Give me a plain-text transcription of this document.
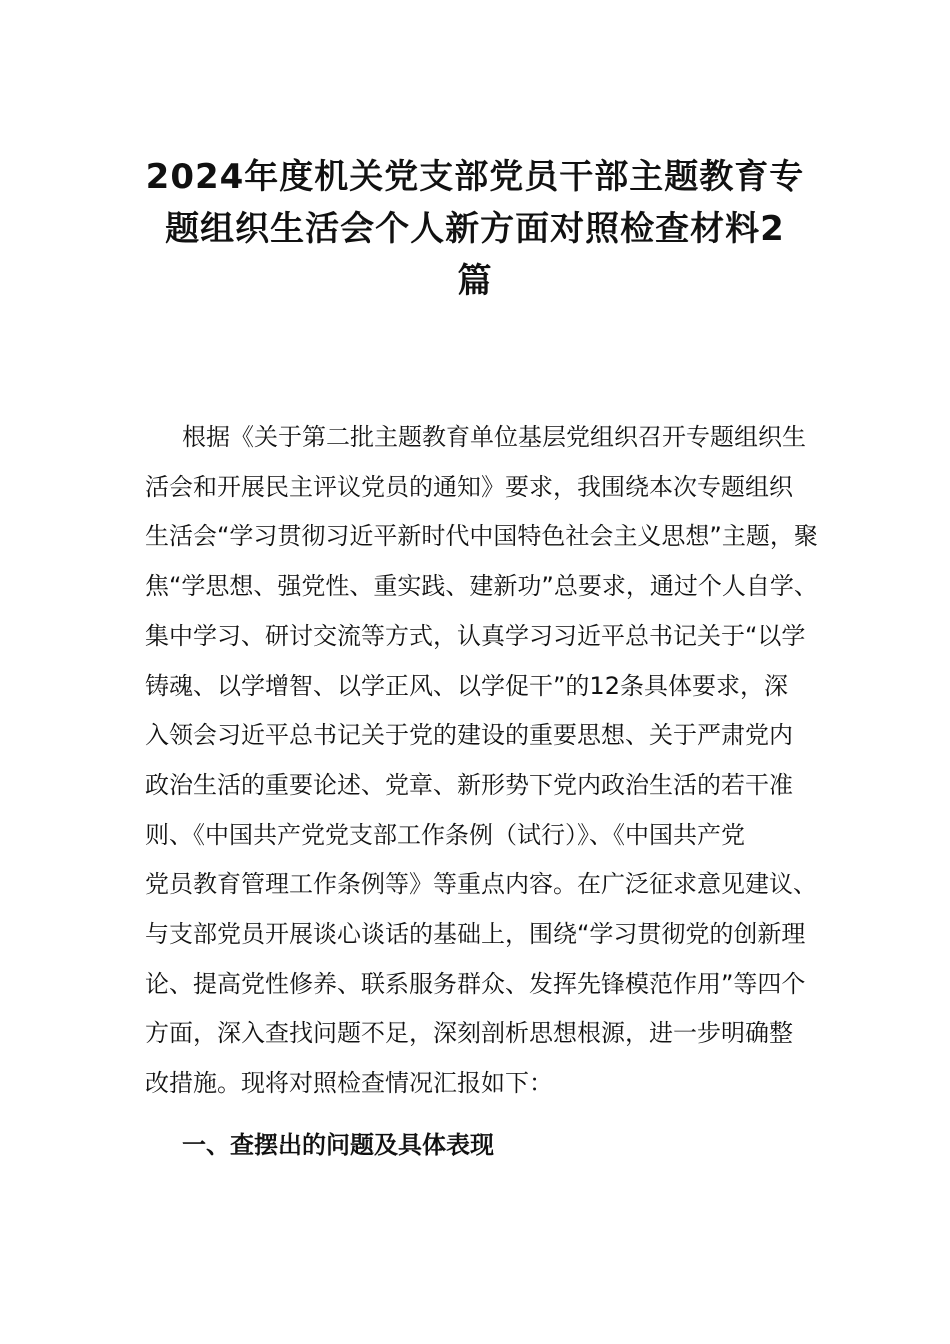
2024年度机关党支部党员干部主题教育专
题组织生活会个人新方面对照检查材料2
篇

根据《关于第二批主题教育单位基层党组织召开专题组织生
活会和开展民主评议党员的通知》要求，我围绕本次专题组织
生活会“学习贯彻习近平新时代中国特色社会主义思想”主题，聚
焦“学思想、强党性、重实践、建新功”总要求，通过个人自学、
集中学习、研讨交流等方式，认真学习习近平总书记关于“以学
铸魂、以学增智、以学正风、以学促干”的12条具体要求，深
入领会习近平总书记关于党的建设的重要思想、关于严肃党内
政治生活的重要论述、党章、新形势下党内政治生活的若干准
则、《中国共产党党支部工作条例（试行）》、《中国共产党
党员教育管理工作条例等》等重点内容。在广泛征求意见建议、
与支部党员开展谈心谈话的基础上，围绕“学习贯彻党的创新理
论、提高党性修养、联系服务群众、发挥先锋模范作用”等四个
方面，深入查找问题不足，深刻剖析思想根源，进一步明确整
改措施。现将对照检查情况汇报如下：

一、查摆出的问题及具体表现
